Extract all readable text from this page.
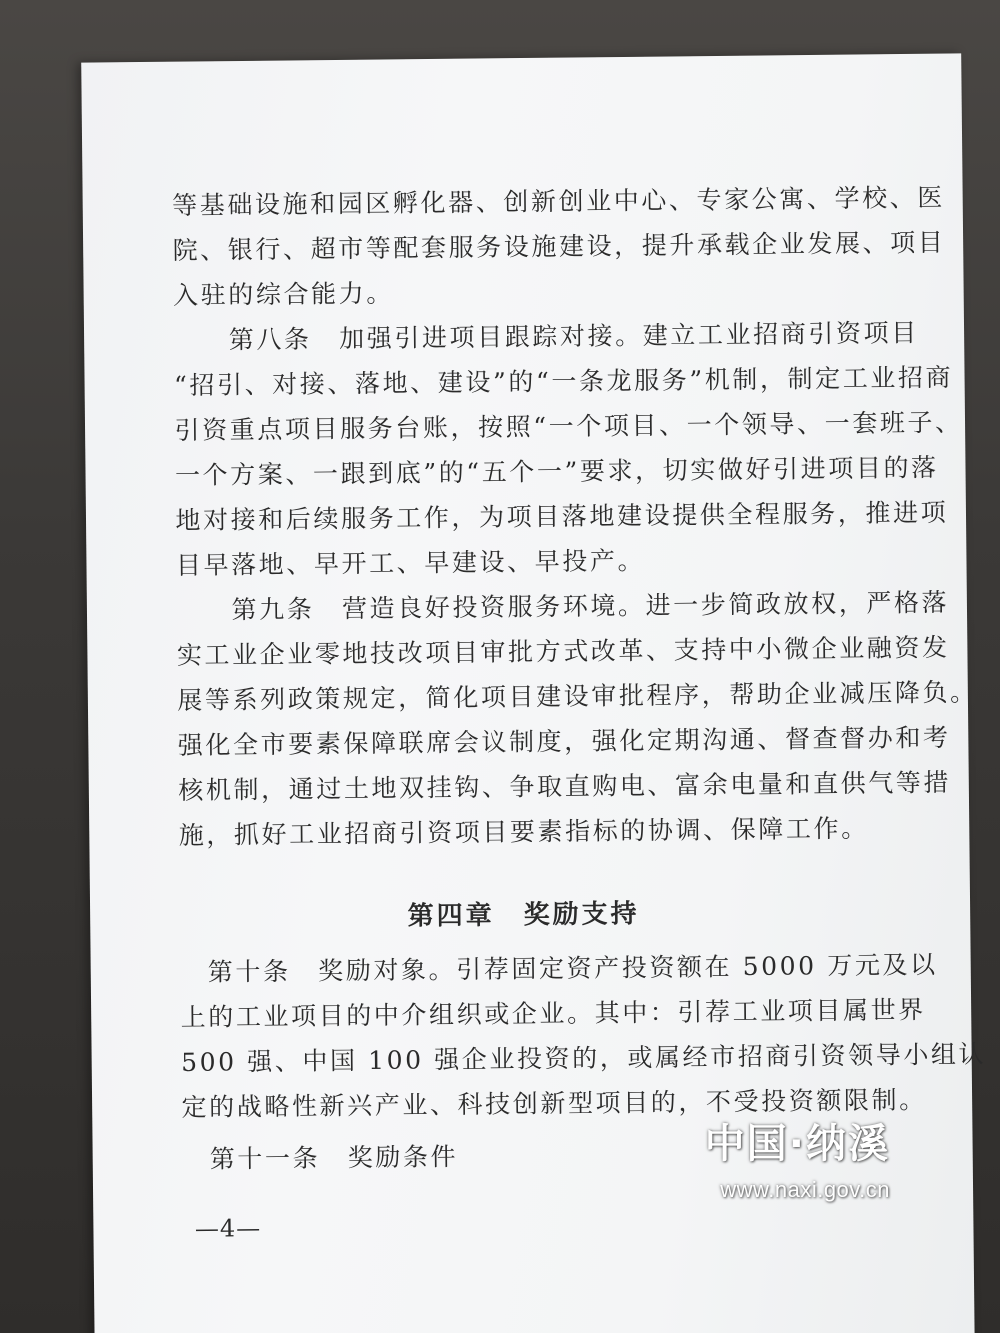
等基础设施和园区孵化器、创新创业中心、专家公寓、学校、医
院、银行、超市等配套服务设施建设，提升承载企业发展、项目
入驻的综合能力。
　　第八条　加强引进项目跟踪对接。建立工业招商引资项目
“招引、对接、落地、建设”的“一条龙服务”机制，制定工业招商
引资重点项目服务台账，按照“一个项目、一个领导、一套班子、
一个方案、一跟到底”的“五个一”要求，切实做好引进项目的落
地对接和后续服务工作，为项目落地建设提供全程服务，推进项
目早落地、早开工、早建设、早投产。
　　第九条　营造良好投资服务环境。进一步简政放权，严格落
实工业企业零地技改项目审批方式改革、支持中小微企业融资发
展等系列政策规定，简化项目建设审批程序，帮助企业减压降负。
强化全市要素保障联席会议制度，强化定期沟通、督查督办和考
核机制，通过土地双挂钩、争取直购电、富余电量和直供气等措
施，抓好工业招商引资项目要素指标的协调、保障工作。
第四章　奖励支持
　第十条　奖励对象。引荐固定资产投资额在 5000 万元及以
上的工业项目的中介组织或企业。其中：引荐工业项目属世界
500 强、中国 100 强企业投资的，或属经市招商引资领导小组认
定的战略性新兴产业、科技创新型项目的，不受投资额限制。
　第十一条　奖励条件
—4—
中国·纳溪
www.naxi.gov.cn
